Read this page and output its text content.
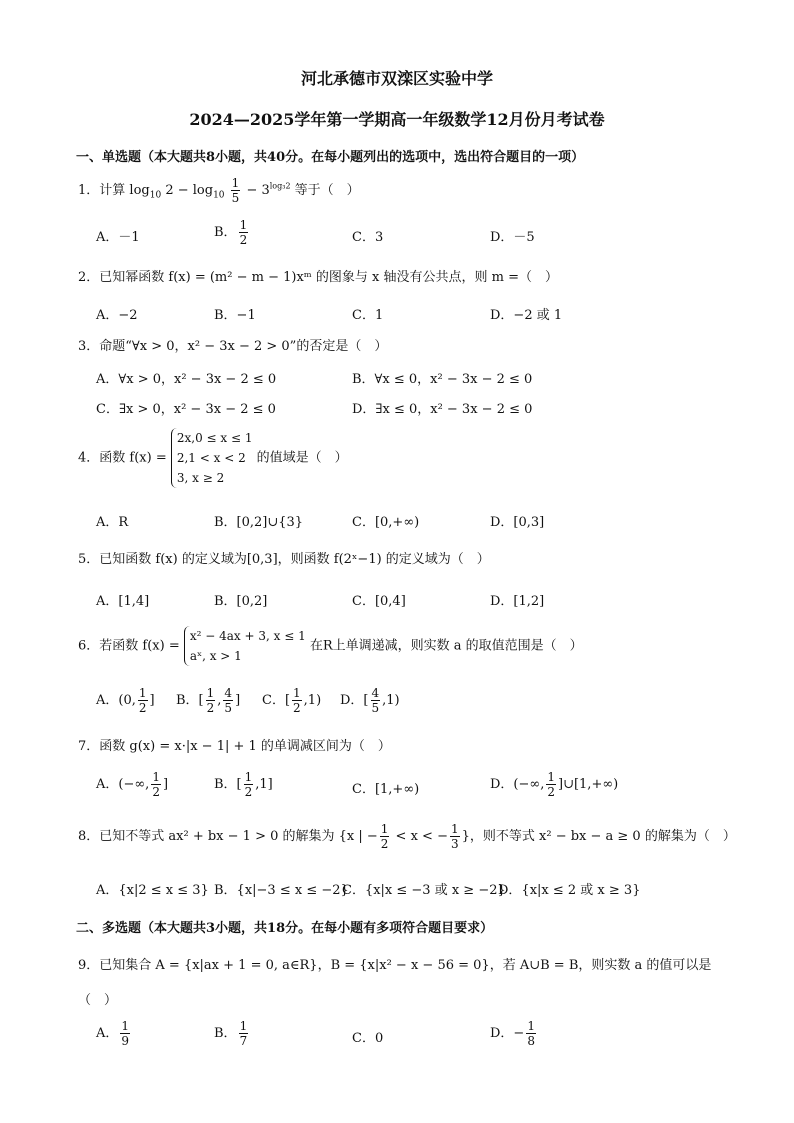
河北承德市双滦区实验中学
2024—2025学年第一学期高一年级数学12月份月考试卷
一、单选题（本大题共8小题，共40分。在每小题列出的选项中，选出符合题目的一项）
1．计算 $\log_{10} 2 - \log_{10} \frac{1}{5} - 3^{log_32}$ 等于（　）
A．－1	B． $\frac{1}{2}$	C．3	D．－5
2．已知幂函数 f(x) = (m² − m − 1)xᵐ 的图象与 x 轴没有公共点，则 m =（　）
A．−2	B．−1	C．1	D．−2 或 1
3．命题“∀x > 0，x² − 3x − 2 > 0”的否定是（　）
A．∀x > 0，x² − 3x − 2 ≤ 0	B．∀x ≤ 0，x² − 3x − 2 ≤ 0
C．∃x > 0，x² − 3x − 2 ≤ 0	D．∃x ≤ 0，x² − 3x − 2 ≤ 0
4．函数 f(x) =
2x,0 ≤ x ≤ 1
2,1 < x < 2
3, x ≥ 2
的值域是（　）
A．R	B．[0,2]∪{3}	C．[0,+∞)	D．[0,3]
5．已知函数 f(x) 的定义域为[0,3]，则函数 f(2ˣ−1) 的定义域为（　）
A．[1,4]	B．[0,2]	C．[0,4]	D．[1,2]
6．若函数 f(x) =
x² − 4ax + 3, x ≤ 1
aˣ, x > 1
在R上单调递减，则实数 a 的取值范围是（　）
A．(0, $\frac{1}{2}$ ] B．[ $\frac{1}{2}$ , $\frac{4}{5}$ ] C．[ $\frac{1}{2} ,1$) D．[ $\frac{4}{5} ,1$)
7．函数 g(x) = x·|x − 1| + 1 的单调减区间为（　）
A．(−∞, $\frac{1}{2}$ ]	B．[ $\frac{1}{2} ,1$]	C．[1,+∞)	D．(−∞, $\frac{1}{2}$ ]∪[1,+∞)
8．已知不等式 ax² + bx − 1 > 0 的解集为 {x | − $\frac{1}{2} < x$ < − $\frac{1}{3}$ }，则不等式 x² − bx − a ≥ 0 的解集为（　）
A．{x|2 ≤ x ≤ 3} B．{x|−3 ≤ x ≤ −2}
C．{x|x ≤ −3 或 x ≥ −2}
D．{x|x ≤ 2 或 x ≥ 3}
二、多选题（本大题共3小题，共18分。在每小题有多项符合题目要求）
9．已知集合 A = {x|ax + 1 = 0, a∈R}，B = {x|x² − x − 56 = 0}，若 A∪B = B，则实数 a 的值可以是
（　）
A． $\frac{1}{9}$	B． $\frac{1}{7}$	C．0	D．− $\frac{1}{8}$
